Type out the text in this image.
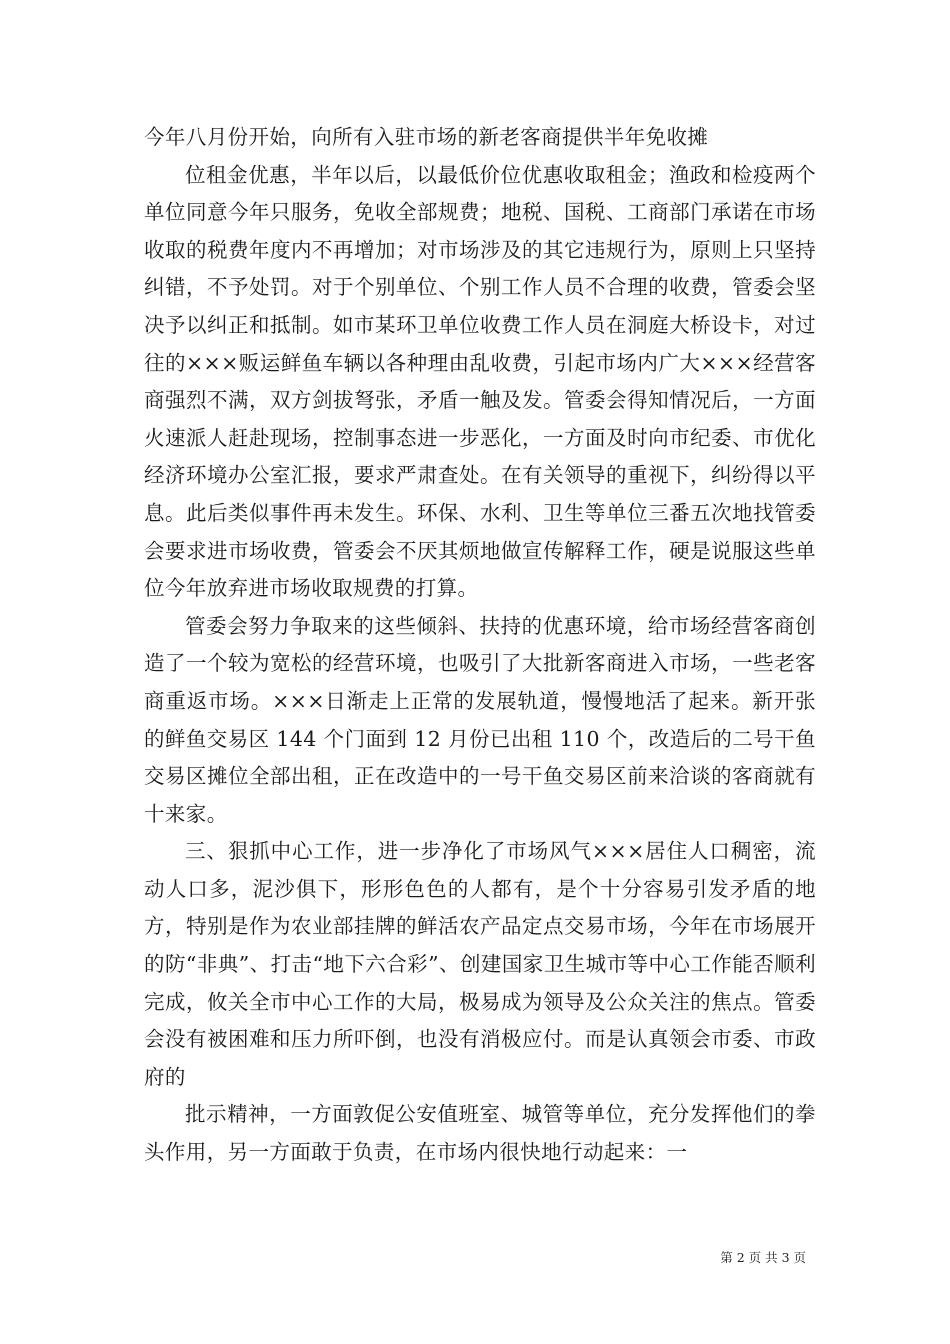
今年八月份开始，向所有入驻市场的新老客商提供半年免收摊

位租金优惠，半年以后，以最低价位优惠收取租金；渔政和检疫两个单位同意今年只服务，免收全部规费；地税、国税、工商部门承诺在市场收取的税费年度内不再增加；对市场涉及的其它违规行为，原则上只坚持纠错，不予处罚。对于个别单位、个别工作人员不合理的收费，管委会坚决予以纠正和抵制。如市某环卫单位收费工作人员在洞庭大桥设卡，对过往的×××贩运鲜鱼车辆以各种理由乱收费，引起市场内广大×××经营客商强烈不满，双方剑拔弩张，矛盾一触及发。管委会得知情况后，一方面火速派人赶赴现场，控制事态进一步恶化，一方面及时向市纪委、市优化经济环境办公室汇报，要求严肃查处。在有关领导的重视下，纠纷得以平息。此后类似事件再未发生。环保、水利、卫生等单位三番五次地找管委会要求进市场收费，管委会不厌其烦地做宣传解释工作，硬是说服这些单位今年放弃进市场收取规费的打算。

管委会努力争取来的这些倾斜、扶持的优惠环境，给市场经营客商创造了一个较为宽松的经营环境，也吸引了大批新客商进入市场，一些老客商重返市场。×××日渐走上正常的发展轨道，慢慢地活了起来。新开张的鲜鱼交易区 144 个门面到 12 月份已出租 110 个，改造后的二号干鱼交易区摊位全部出租，正在改造中的一号干鱼交易区前来洽谈的客商就有十来家。

三、狠抓中心工作，进一步净化了市场风气×××居住人口稠密，流动人口多，泥沙俱下，形形色色的人都有，是个十分容易引发矛盾的地方，特别是作为农业部挂牌的鲜活农产品定点交易市场，今年在市场展开的防“非典”、打击“地下六合彩”、创建国家卫生城市等中心工作能否顺利完成，攸关全市中心工作的大局，极易成为领导及公众关注的焦点。管委会没有被困难和压力所吓倒，也没有消极应付。而是认真领会市委、市政府的

批示精神，一方面敦促公安值班室、城管等单位，充分发挥他们的拳头作用，另一方面敢于负责，在市场内很快地行动起来：一

第 2 页 共 3 页
